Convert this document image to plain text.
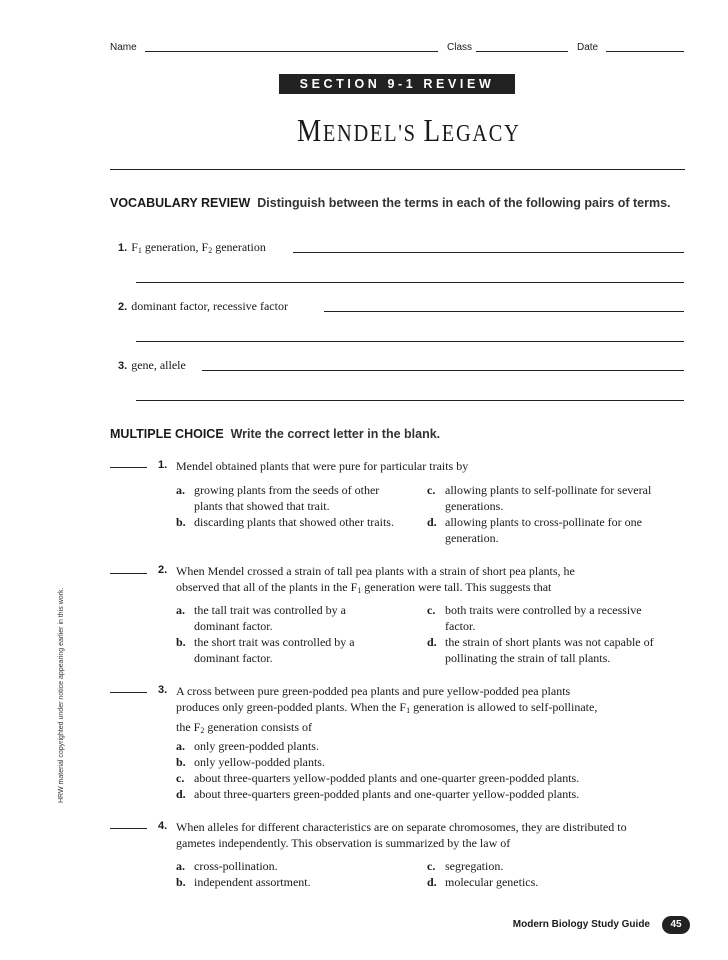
Name	Class	Date
SECTION 9-1 REVIEW
MENDEL'S LEGACY
VOCABULARY REVIEW Distinguish between the terms in each of the following pairs of terms.
1. $F_1$ generation, $F_2$ generation
2. dominant factor, recessive factor
3. gene, allele
MULTIPLE CHOICE Write the correct letter in the blank.
1. Mendel obtained plants that were pure for particular traits by
a. growing plants from the seeds of other plants that showed that trait.
b. discarding plants that showed other traits.
c. allowing plants to self-pollinate for several generations.
d. allowing plants to cross-pollinate for one generation.
2. When Mendel crossed a strain of tall pea plants with a strain of short pea plants, he
observed that all of the plants in the $F_1$ generation were tall. This suggests that
a. the tall trait was controlled by a dominant factor.
b. the short trait was controlled by a dominant factor.
c. both traits were controlled by a recessive factor.
d. the strain of short plants was not capable of pollinating the strain of tall plants.
3. A cross between pure green-podded pea plants and pure yellow-podded pea plants
produces only green-podded plants. When the $F_1$ generation is allowed to self-pollinate,
the $F_2$ generation consists of
a. only green-podded plants.
b. only yellow-podded plants.
c. about three-quarters yellow-podded plants and one-quarter green-podded plants.
d. about three-quarters green-podded plants and one-quarter yellow-podded plants.
4. When alleles for different characteristics are on separate chromosomes, they are distributed to gametes independently. This observation is summarized by the law of
a. cross-pollination.
b. independent assortment.
c. segregation.
d. molecular genetics.
HRW material copyrighted under notice appearing earlier in this work.
Modern Biology Study Guide	45
